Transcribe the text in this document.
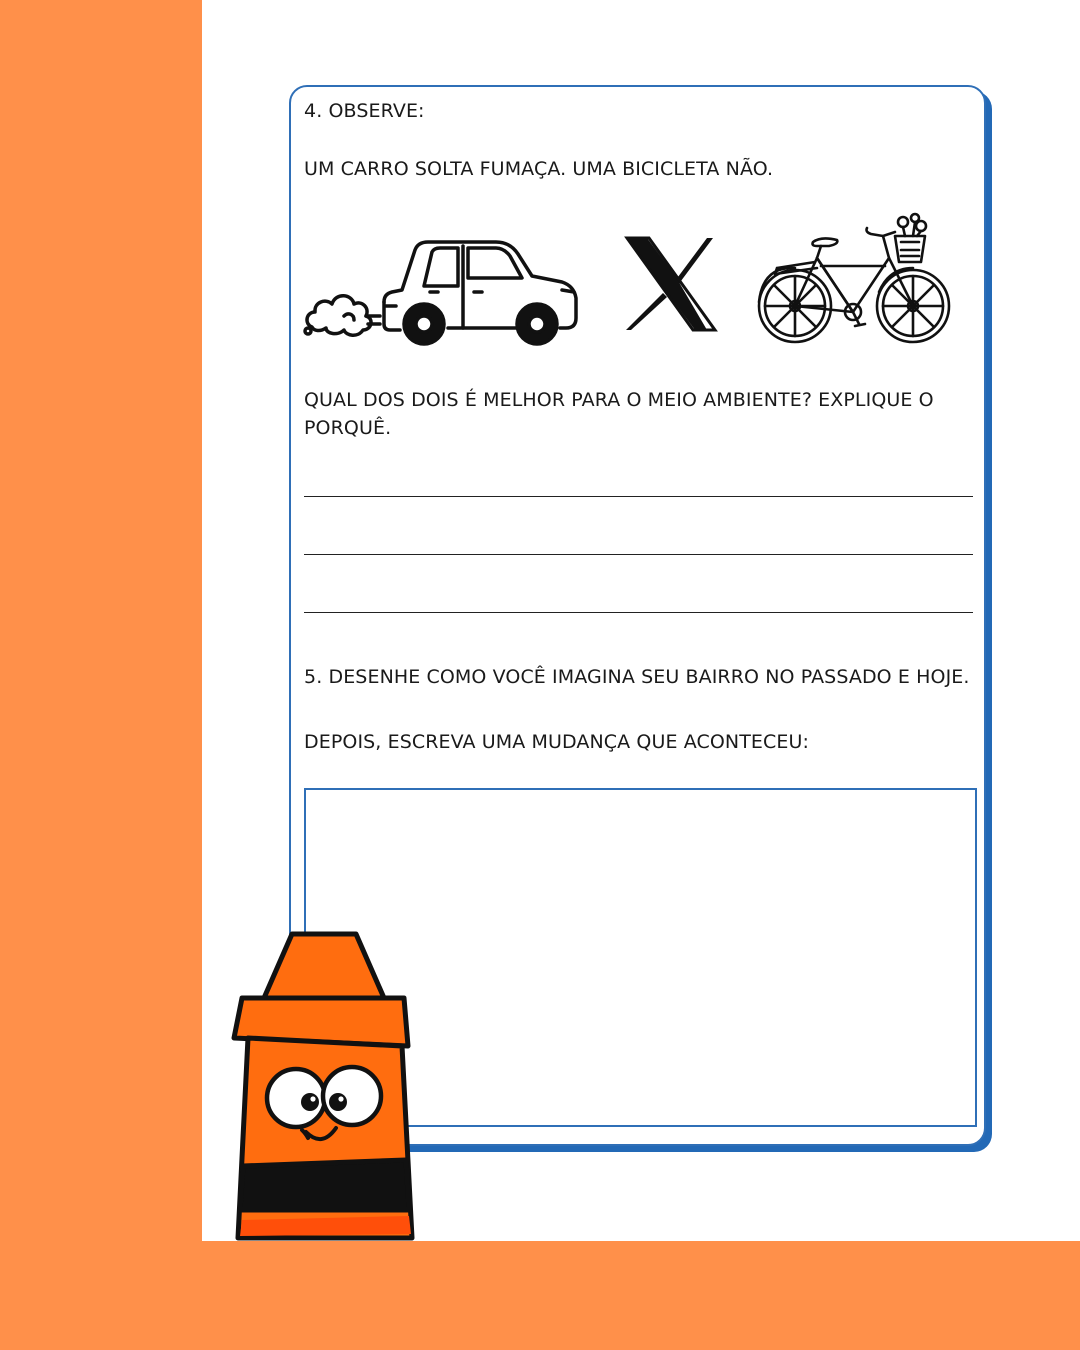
4. OBSERVE:
UM CARRO SOLTA FUMAÇA. UMA BICICLETA NÃO.
QUAL DOS DOIS É MELHOR PARA O MEIO AMBIENTE? EXPLIQUE O PORQUÊ.
5. DESENHE COMO VOCÊ IMAGINA SEU BAIRRO NO PASSADO E HOJE.
DEPOIS, ESCREVA UMA MUDANÇA QUE ACONTECEU:
